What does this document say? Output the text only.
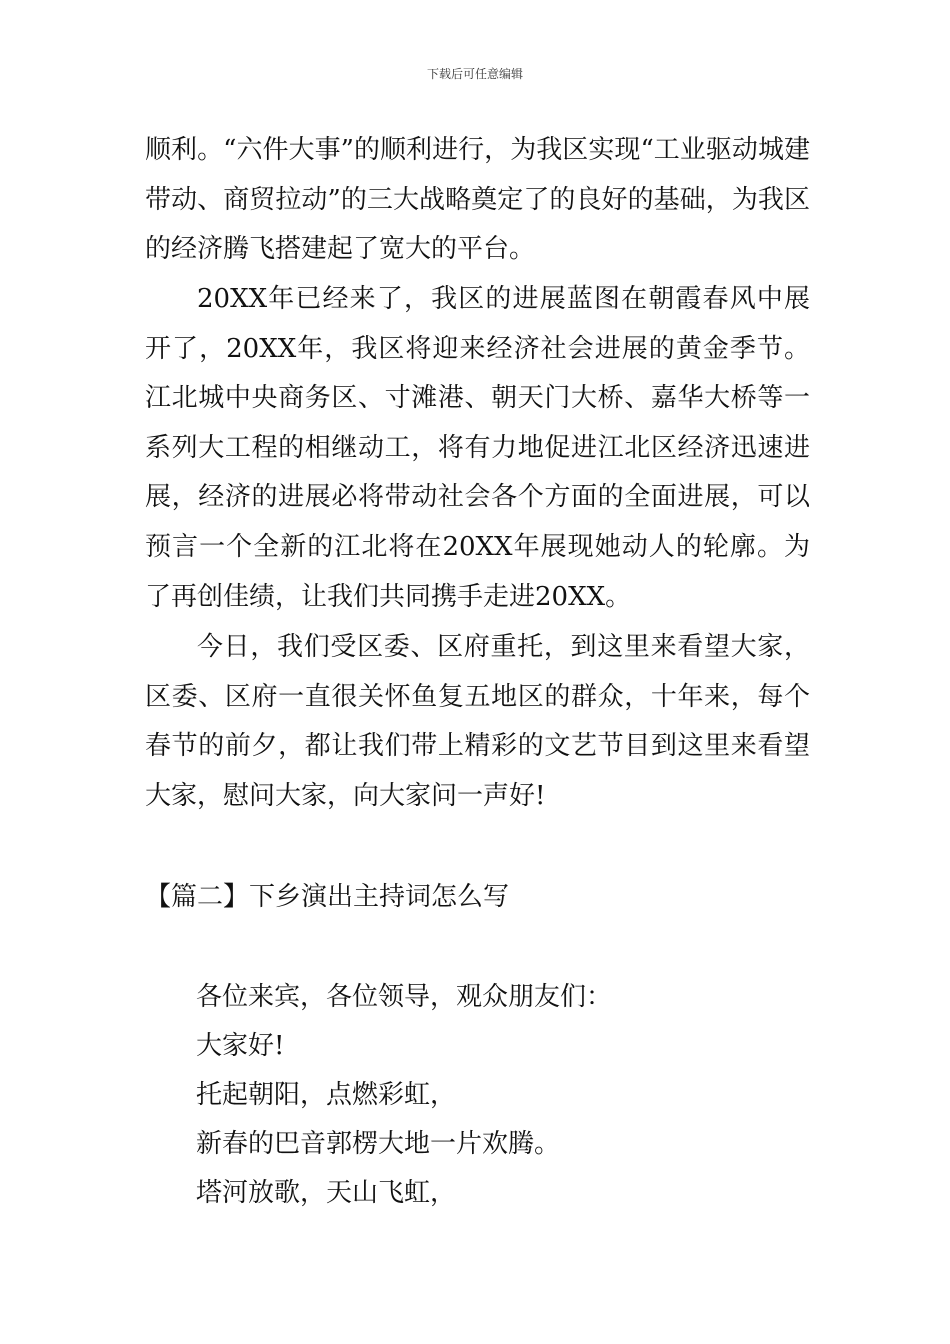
下载后可任意编辑

顺利。“六件大事”的顺利进行，为我区实现“工业驱动城建带动、商贸拉动”的三大战略奠定了的良好的基础，为我区的经济腾飞搭建起了宽大的平台。

20XX年已经来了，我区的进展蓝图在朝霞春风中展开了，20XX年，我区将迎来经济社会进展的黄金季节。江北城中央商务区、寸滩港、朝天门大桥、嘉华大桥等一系列大工程的相继动工，将有力地促进江北区经济迅速进展，经济的进展必将带动社会各个方面的全面进展，可以预言一个全新的江北将在20XX年展现她动人的轮廓。为了再创佳绩，让我们共同携手走进20XX。

今日，我们受区委、区府重托，到这里来看望大家，区委、区府一直很关怀鱼复五地区的群众，十年来，每个春节的前夕，都让我们带上精彩的文艺节目到这里来看望大家，慰问大家，向大家问一声好!

【篇二】下乡演出主持词怎么写

各位来宾，各位领导，观众朋友们：

大家好!

托起朝阳，点燃彩虹，

新春的巴音郭楞大地一片欢腾。

塔河放歌，天山飞虹，
